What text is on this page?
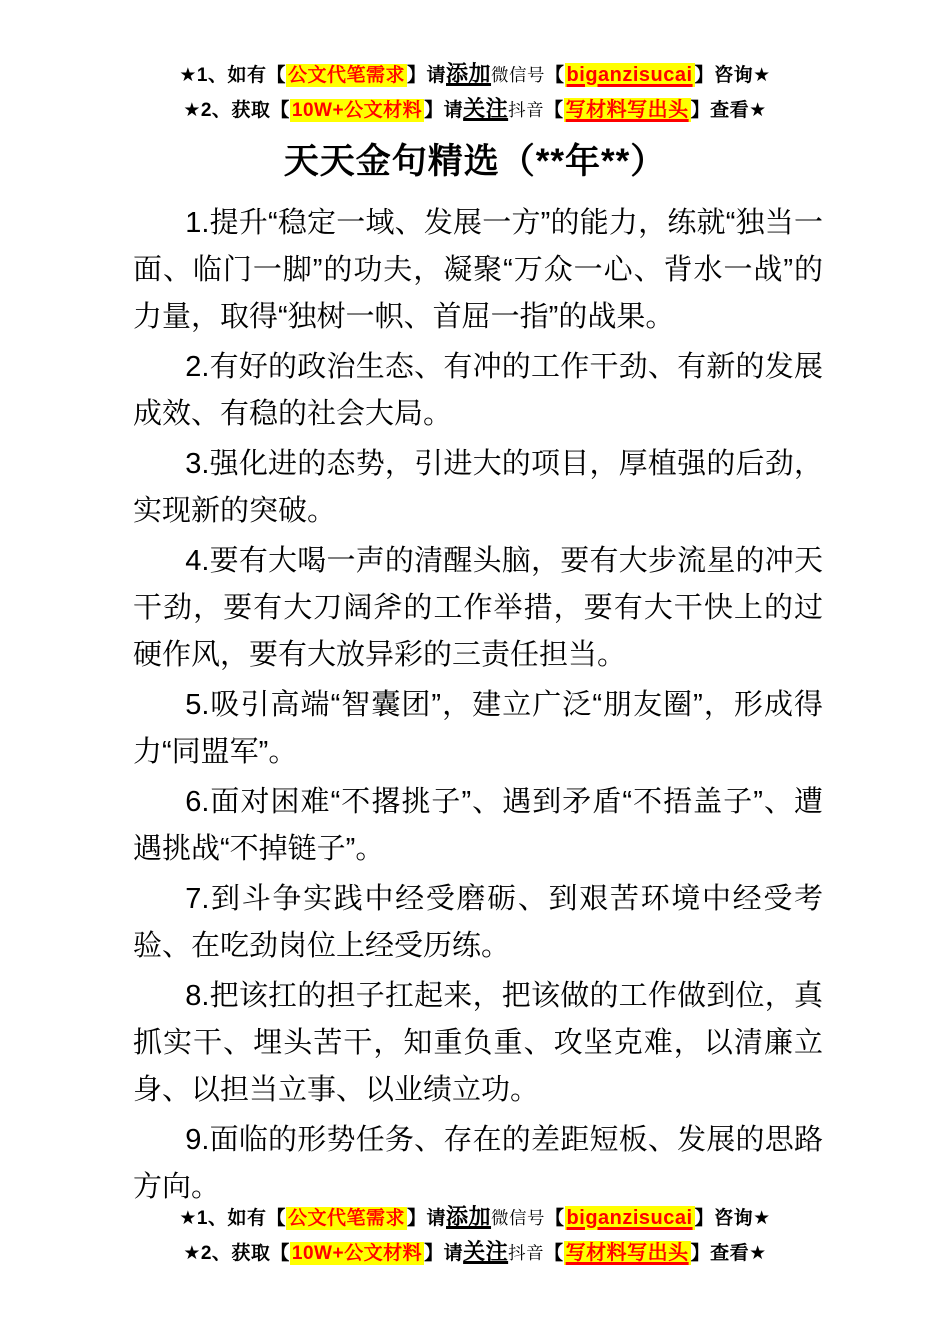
★1、如有【 公文代笔需求 】请添加微信号【 biganzisucai 】咨询★
★2、获取【 10W+公文材料 】请关注抖音【 写材料写出头 】查看★
天天金句精选（**年**）

1.提升“稳定一域、发展一方”的能力，练就“独当一面、临门一脚”的功夫，凝聚“万众一心、背水一战”的力量，取得“独树一帜、首屈一指”的战果。

2.有好的政治生态、有冲的工作干劲、有新的发展成效、有稳的社会大局。

3.强化进的态势，引进大的项目，厚植强的后劲，实现新的突破。

4.要有大喝一声的清醒头脑，要有大步流星的冲天干劲，要有大刀阔斧的工作举措，要有大干快上的过硬作风，要有大放异彩的三责任担当。

5.吸引高端“智囊团”，建立广泛“朋友圈”，形成得力“同盟军”。

6.面对困难“不撂挑子”、遇到矛盾“不捂盖子”、遭遇挑战“不掉链子”。

7.到斗争实践中经受磨砺、到艰苦环境中经受考验、在吃劲岗位上经受历练。

8.把该扛的担子扛起来，把该做的工作做到位，真抓实干、埋头苦干，知重负重、攻坚克难，以清廉立身、以担当立事、以业绩立功。

9.面临的形势任务、存在的差距短板、发展的思路方向。

★1、如有【 公文代笔需求 】请添加微信号【 biganzisucai 】咨询★
★2、获取【 10W+公文材料 】请关注抖音【 写材料写出头 】查看★
